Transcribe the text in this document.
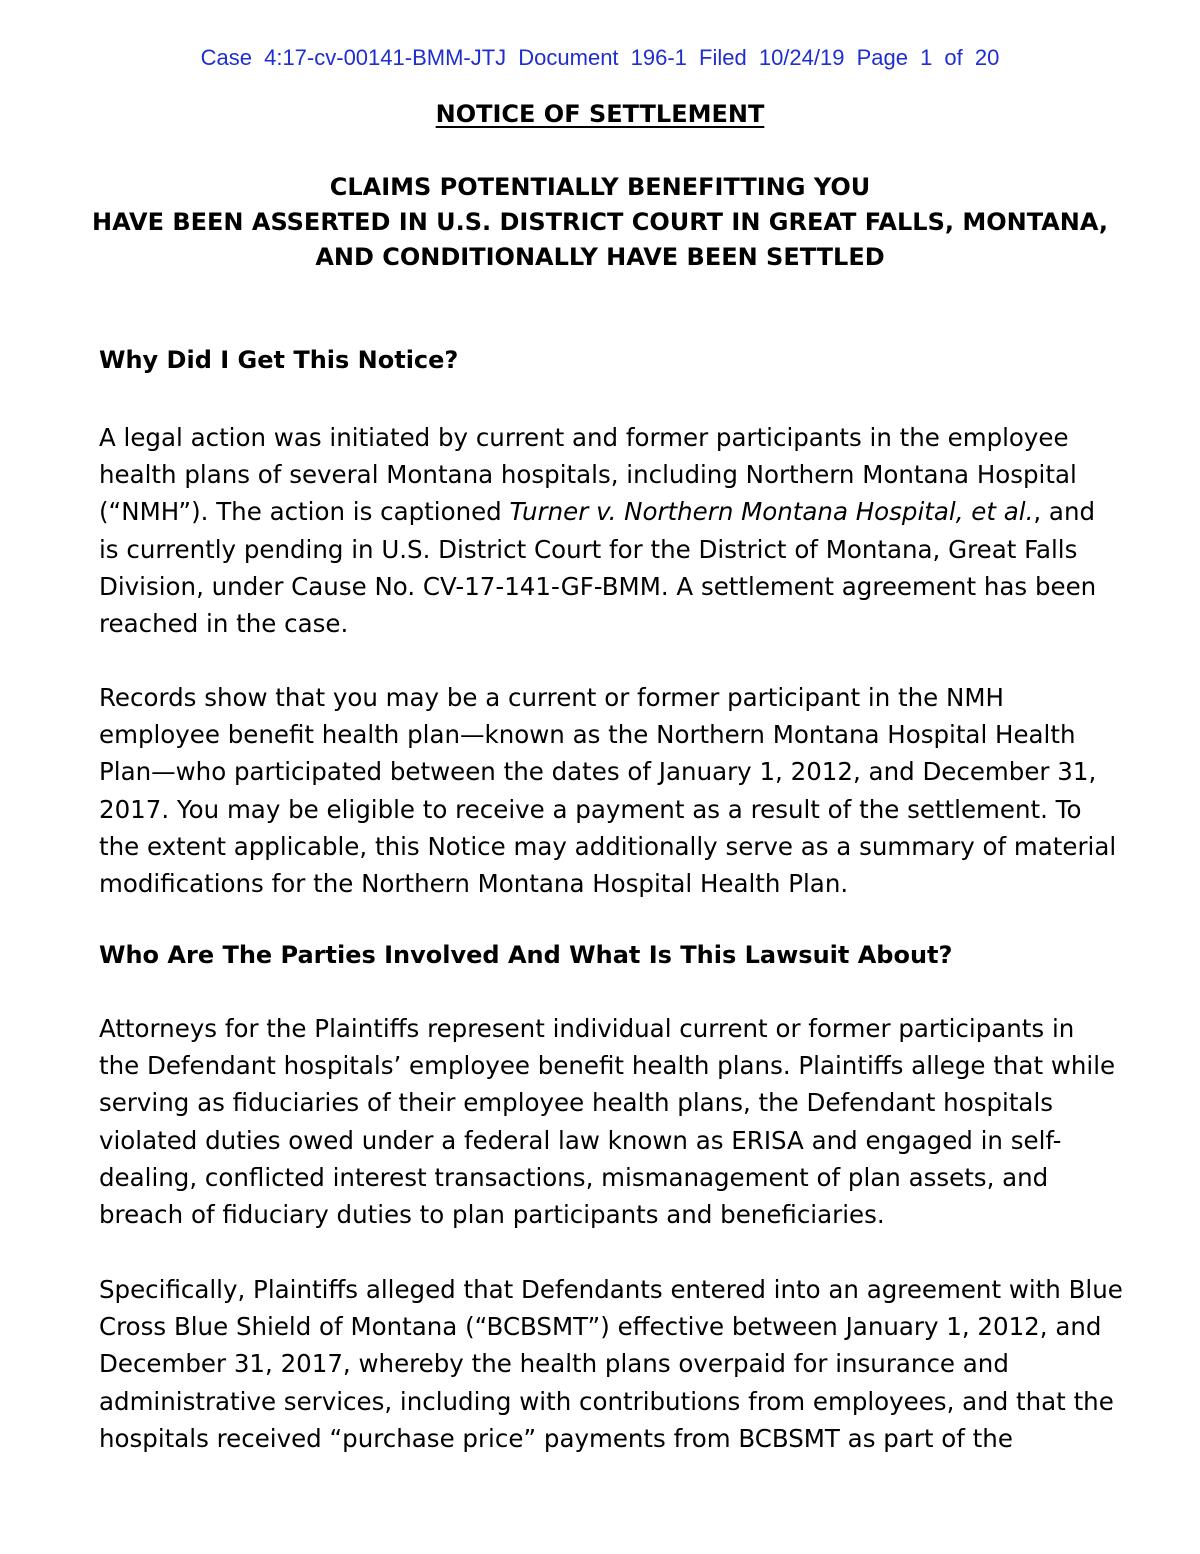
Case 4:17-cv-00141-BMM-JTJ Document 196-1 Filed 10/24/19 Page 1 of 20
NOTICE OF SETTLEMENT
CLAIMS POTENTIALLY BENEFITTING YOU
HAVE BEEN ASSERTED IN U.S. DISTRICT COURT IN GREAT FALLS, MONTANA,
AND CONDITIONALLY HAVE BEEN SETTLED
Why Did I Get This Notice?
A legal action was initiated by current and former participants in the employee
health plans of several Montana hospitals, including Northern Montana Hospital
(“NMH”). The action is captioned Turner v. Northern Montana Hospital, et al., and
is currently pending in U.S. District Court for the District of Montana, Great Falls
Division, under Cause No. CV-17-141-GF-BMM. A settlement agreement has been
reached in the case.
Records show that you may be a current or former participant in the NMH
employee benefit health plan—known as the Northern Montana Hospital Health
Plan—who participated between the dates of January 1, 2012, and December 31,
2017. You may be eligible to receive a payment as a result of the settlement. To
the extent applicable, this Notice may additionally serve as a summary of material
modifications for the Northern Montana Hospital Health Plan.
Who Are The Parties Involved And What Is This Lawsuit About?
Attorneys for the Plaintiffs represent individual current or former participants in
the Defendant hospitals’ employee benefit health plans. Plaintiffs allege that while
serving as fiduciaries of their employee health plans, the Defendant hospitals
violated duties owed under a federal law known as ERISA and engaged in self-
dealing, conflicted interest transactions, mismanagement of plan assets, and
breach of fiduciary duties to plan participants and beneficiaries.
Specifically, Plaintiffs alleged that Defendants entered into an agreement with Blue
Cross Blue Shield of Montana (“BCBSMT”) effective between January 1, 2012, and
December 31, 2017, whereby the health plans overpaid for insurance and
administrative services, including with contributions from employees, and that the
hospitals received “purchase price” payments from BCBSMT as part of the
